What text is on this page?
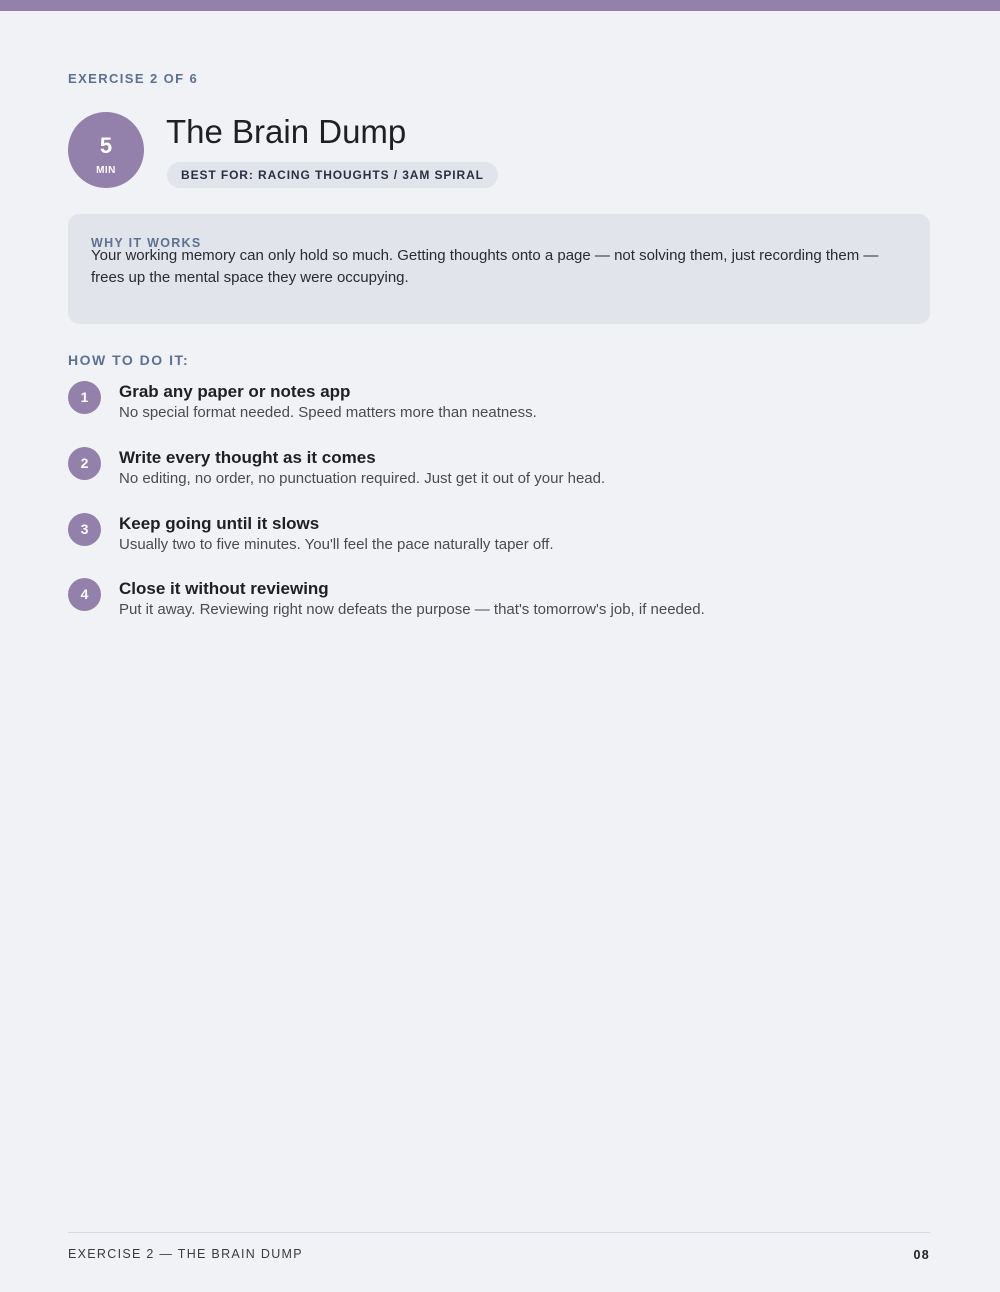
EXERCISE 2 OF 6
5
MIN
The Brain Dump
BEST FOR: RACING THOUGHTS / 3AM SPIRAL
WHY IT WORKS
Your working memory can only hold so much. Getting thoughts onto a page — not solving them, just recording them — frees up the mental space they were occupying.
HOW TO DO IT:
1	Grab any paper or notes app
No special format needed. Speed matters more than neatness.
2	Write every thought as it comes
No editing, no order, no punctuation required. Just get it out of your head.
3	Keep going until it slows
Usually two to five minutes. You'll feel the pace naturally taper off.
4	Close it without reviewing
Put it away. Reviewing right now defeats the purpose — that's tomorrow's job, if needed.
EXERCISE 2 — THE BRAIN DUMP	08
